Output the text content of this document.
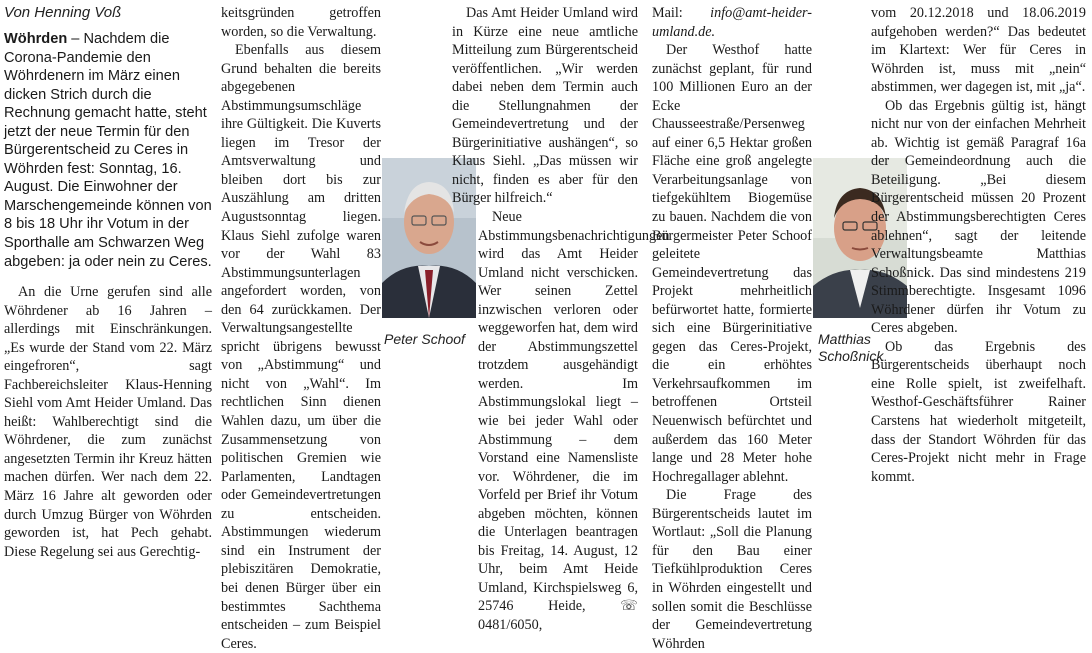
Von Henning Voß

Wöhrden – Nachdem die Corona-Pandemie den Wöhrdenern im März einen dicken Strich durch die Rechnung gemacht hatte, steht jetzt der neue Termin für den Bürgerentscheid zu Ceres in Wöhrden fest: Sonntag, 16. August. Die Einwohner der Marschengemeinde können von 8 bis 18 Uhr ihr Votum in der Sporthalle am Schwarzen Weg abgeben: ja oder nein zu Ceres.

An die Urne gerufen sind alle Wöhrdener ab 16 Jahren – allerdings mit Einschränkungen. „Es wurde der Stand vom 22. März eingefroren“, sagt Fachbereichsleiter Klaus-Henning Siehl vom Amt Heider Umland. Das heißt: Wahlberechtigt sind die Wöhrdener, die zum zunächst angesetzten Termin ihr Kreuz hätten machen dürfen. Wer nach dem 22. März 16 Jahre alt geworden oder durch Umzug Bürger von Wöhrden geworden ist, hat Pech gehabt. Diese Regelung sei aus Gerechtig-

keitsgründen getroffen worden, so die Verwaltung.

Ebenfalls aus diesem Grund behalten die bereits abgegebenen Abstimmungsumschläge ihre Gültigkeit. Die Kuverts liegen im Tresor der Amtsverwaltung und bleiben dort bis zur Auszählung am dritten Augustsonntag liegen. Klaus Siehl zufolge waren vor der Wahl 83 Abstimmungsunterlagen angefordert worden, von den 64 zurückkamen. Der Verwaltungsangestellte spricht übrigens bewusst von „Abstimmung“ und nicht von „Wahl“. Im rechtlichen Sinn dienen Wahlen dazu, um über die Zusammensetzung von politischen Gremien wie Parlamenten, Landtagen oder Gemeindevertretungen zu entscheiden. Abstimmungen wiederum sind ein Instrument der plebiszitären Demokratie, bei denen Bürger über ein bestimmtes Sachthema entscheiden – zum Beispiel Ceres.

Peter Schoof

Das Amt Heider Umland wird in Kürze eine neue amtliche Mitteilung zum Bürgerentscheid veröffentlichen. „Wir werden dabei neben dem Termin auch die Stellungnahmen der Gemeindevertretung und der Bürgerinitiative aushängen“, so Klaus Siehl. „Das müssen wir nicht, finden es aber für den Bürger hilfreich.“

Neue Abstimmungsbenachrichtigungen wird das Amt Heider Umland nicht verschicken. Wer seinen Zettel inzwischen verloren oder weggeworfen hat, dem wird der Abstimmungszettel trotzdem ausgehändigt werden. Im Abstimmungslokal liegt – wie bei jeder Wahl oder Abstimmung – dem Vorstand eine Namensliste vor. Wöhrdener, die im Vorfeld per Brief ihr Votum abgeben möchten, können die Unterlagen beantragen bis Freitag, 14. August, 12 Uhr, beim Amt Heide Umland, Kirchspielsweg 6, 25746 Heide, ☏ 0481/6050,

Mail: info@amt-heider-umland.de.

Der Westhof hatte zunächst geplant, für rund 100 Millionen Euro an der Ecke Chausseestraße/Persenweg auf einer 6,5 Hektar großen Fläche eine groß angelegte Verarbeitungsanlage von tiefgekühltem Biogemüse zu bauen. Nachdem die von Bürgermeister Peter Schoof geleitete Gemeindevertretung das Projekt mehrheitlich befürwortet hatte, formierte sich eine Bürgerinitiative gegen das Ceres-Projekt, die ein erhöhtes Verkehrsaufkommen im betroffenen Ortsteil Neuenwisch befürchtet und außerdem das 160 Meter lange und 28 Meter hohe Hochregallager ablehnt.

Die Frage des Bürgerentscheids lautet im Wortlaut: „Soll die Planung für den Bau einer Tiefkühlproduktion Ceres in Wöhrden eingestellt und sollen somit die Beschlüsse der Gemeindevertretung Wöhrden

Matthias Schoßnick

vom 20.12.2018 und 18.06.2019 aufgehoben werden?“ Das bedeutet im Klartext: Wer für Ceres in Wöhrden ist, muss mit „nein“ abstimmen, wer dagegen ist, mit „ja“.

Ob das Ergebnis gültig ist, hängt nicht nur von der einfachen Mehrheit ab. Wichtig ist gemäß Paragraf 16a der Gemeindeordnung auch die Beteiligung. „Bei diesem Bürgerentscheid müssen 20 Prozent der Abstimmungsberechtigten Ceres ablehnen“, sagt der leitende Verwaltungsbeamte Matthias Schoßnick. Das sind mindestens 219 Stimmberechtigte. Insgesamt 1096 Wöhrdener dürfen ihr Votum zu Ceres abgeben.

Ob das Ergebnis des Bürgerentscheids überhaupt noch eine Rolle spielt, ist zweifelhaft. Westhof-Geschäftsführer Rainer Carstens hat wiederholt mitgeteilt, dass der Standort Wöhrden für das Ceres-Projekt nicht mehr in Frage kommt.
